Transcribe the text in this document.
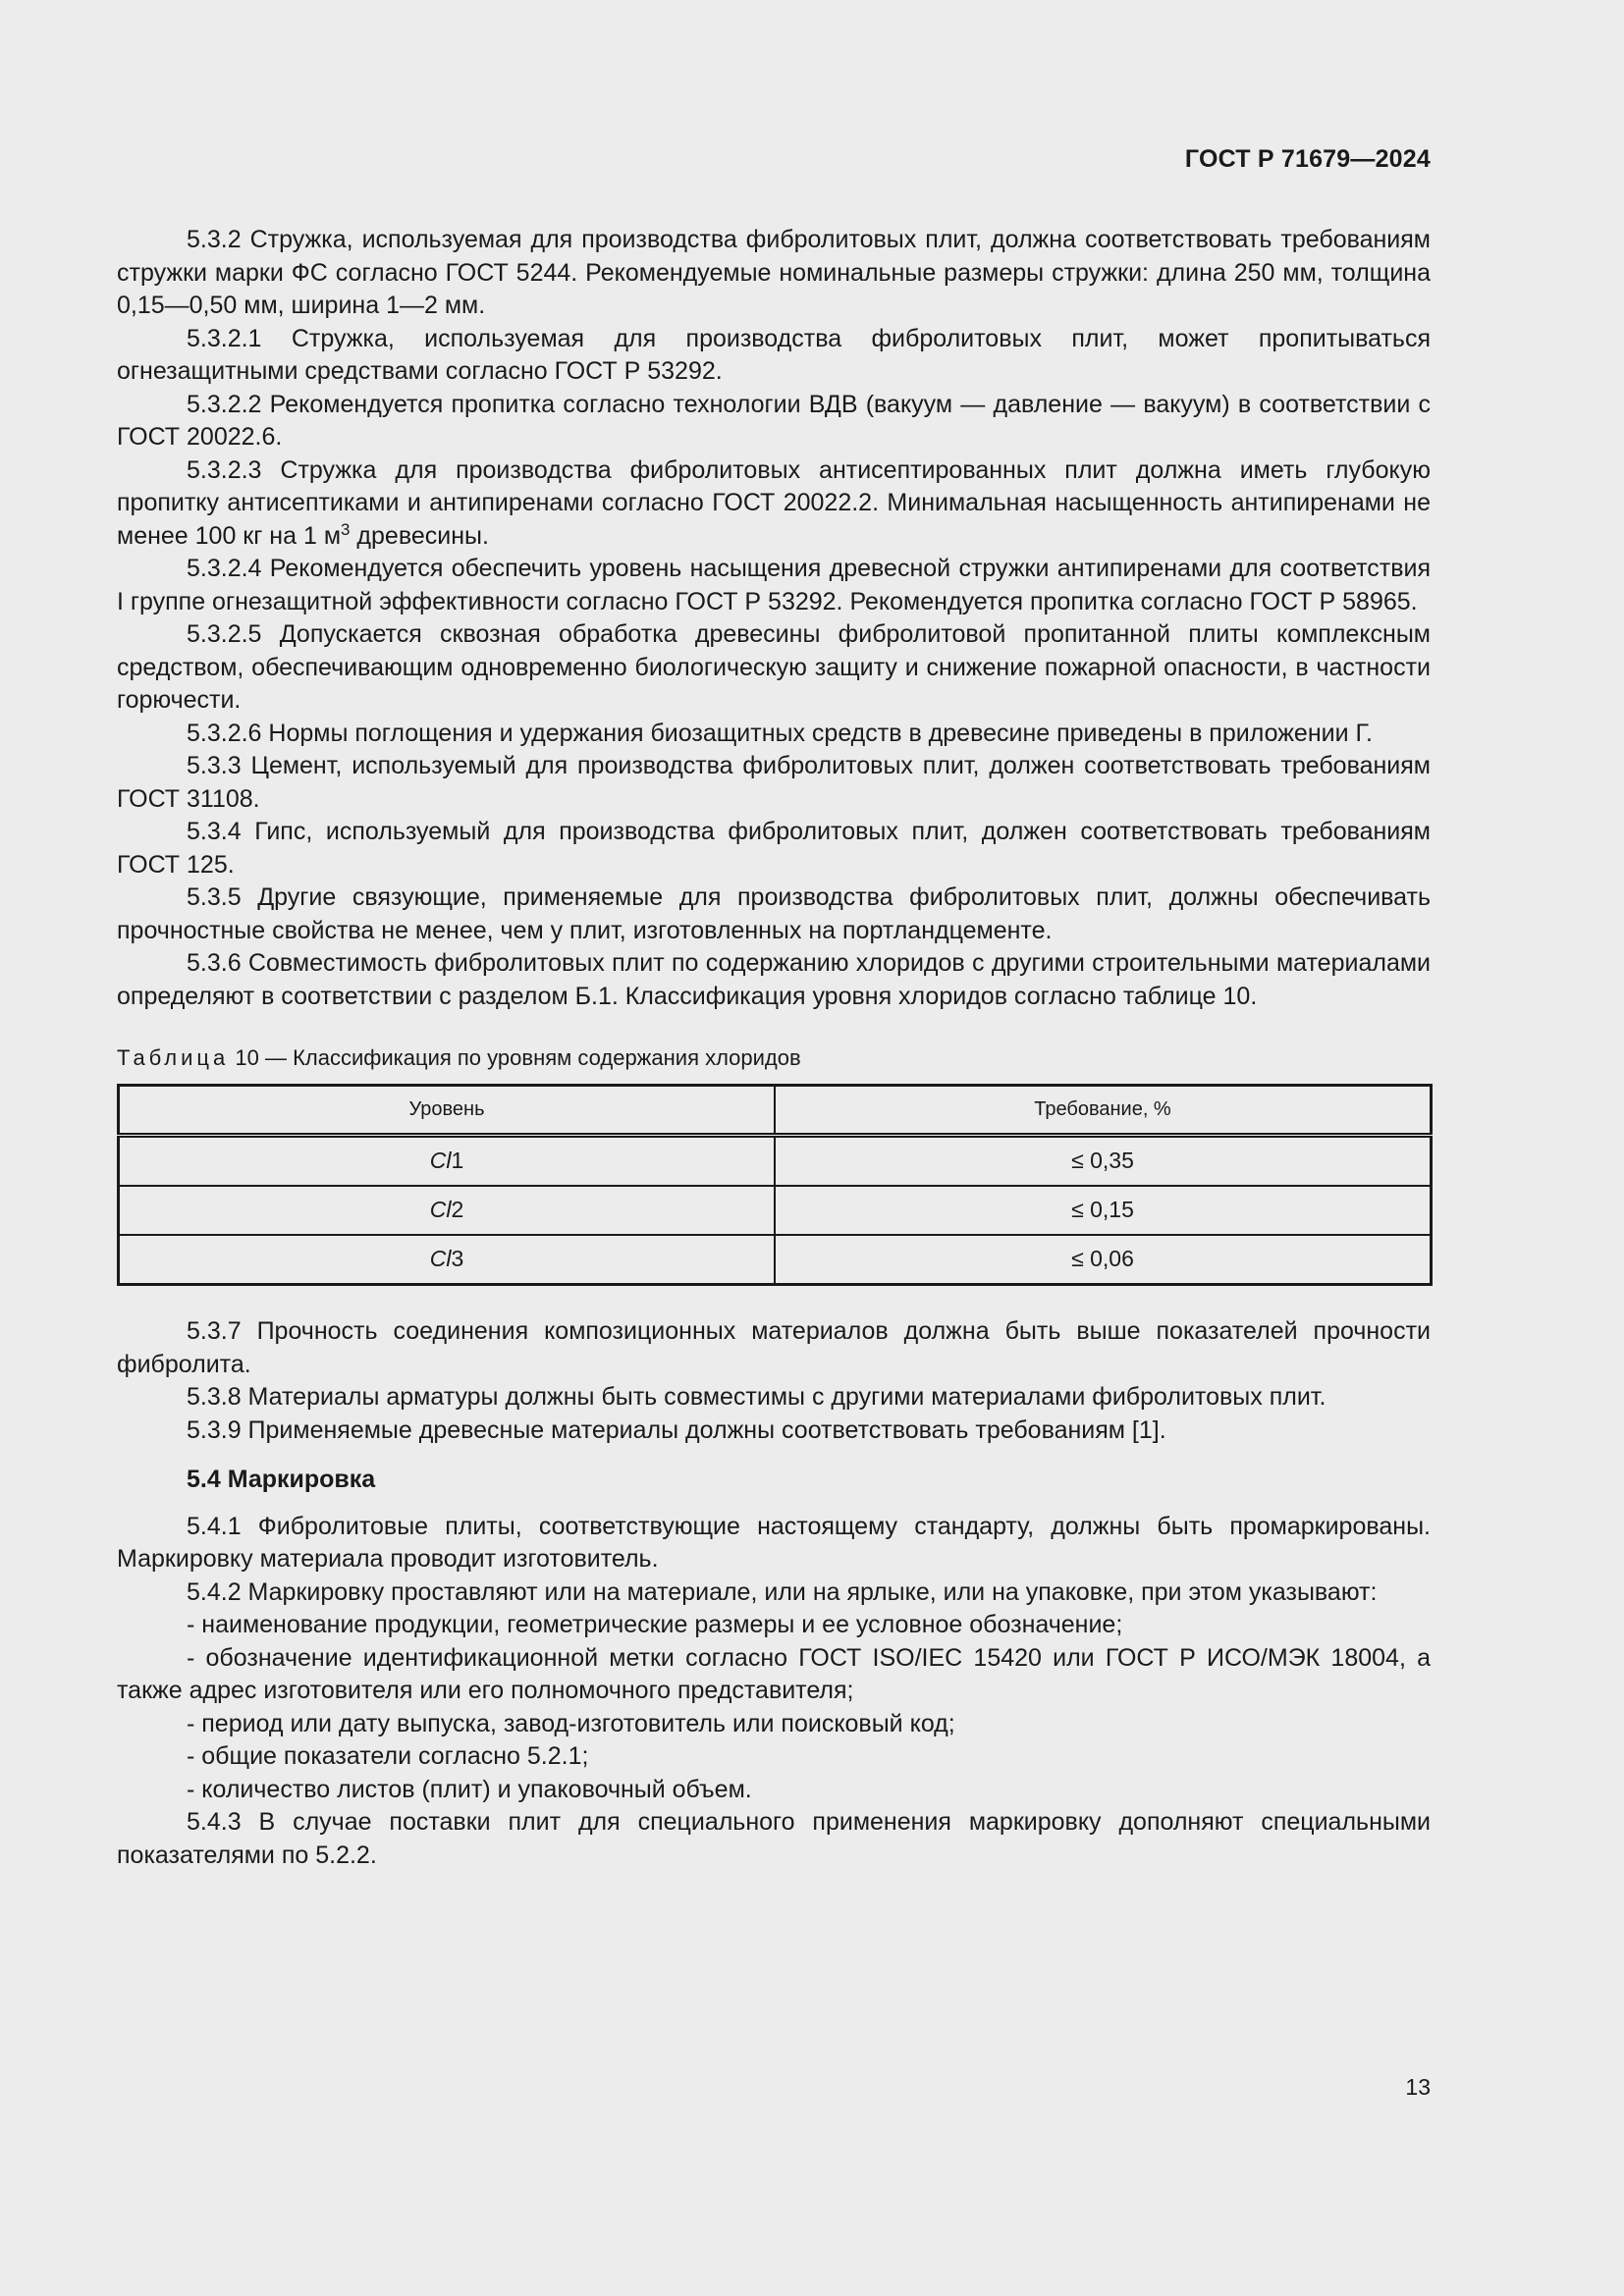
ГОСТ Р 71679—2024

5.3.2 Стружка, используемая для производства фибролитовых плит, должна соответствовать требованиям стружки марки ФС согласно ГОСТ 5244. Рекомендуемые номинальные размеры стружки: длина 250 мм, толщина 0,15—0,50 мм, ширина 1—2 мм.

5.3.2.1 Стружка, используемая для производства фибролитовых плит, может пропитываться огнезащитными средствами согласно ГОСТ Р 53292.

5.3.2.2 Рекомендуется пропитка согласно технологии ВДВ (вакуум — давление — вакуум) в соответствии с ГОСТ 20022.6.

5.3.2.3 Стружка для производства фибролитовых антисептированных плит должна иметь глубокую пропитку антисептиками и антипиренами согласно ГОСТ 20022.2. Минимальная насыщенность антипиренами не менее 100 кг на 1 $м^3$ древесины.

5.3.2.4 Рекомендуется обеспечить уровень насыщения древесной стружки антипиренами для соответствия I группе огнезащитной эффективности согласно ГОСТ Р 53292. Рекомендуется пропитка согласно ГОСТ Р 58965.

5.3.2.5 Допускается сквозная обработка древесины фибролитовой пропитанной плиты комплексным средством, обеспечивающим одновременно биологическую защиту и снижение пожарной опасности, в частности горючести.

5.3.2.6 Нормы поглощения и удержания биозащитных средств в древесине приведены в приложении Г.

5.3.3 Цемент, используемый для производства фибролитовых плит, должен соответствовать требованиям ГОСТ 31108.

5.3.4 Гипс, используемый для производства фибролитовых плит, должен соответствовать требованиям ГОСТ 125.

5.3.5 Другие связующие, применяемые для производства фибролитовых плит, должны обеспечивать прочностные свойства не менее, чем у плит, изготовленных на портландцементе.

5.3.6 Совместимость фибролитовых плит по содержанию хлоридов с другими строительными материалами определяют в соответствии с разделом Б.1. Классификация уровня хлоридов согласно таблице 10.

Таблица 10 — Классификация по уровням содержания хлоридов
Уровень	Требование, %
Cl1	≤ 0,35
Cl2	≤ 0,15
Cl3	≤ 0,06

5.3.7 Прочность соединения композиционных материалов должна быть выше показателей прочности фибролита.

5.3.8 Материалы арматуры должны быть совместимы с другими материалами фибролитовых плит.

5.3.9 Применяемые древесные материалы должны соответствовать требованиям [1].

5.4 Маркировка

5.4.1 Фибролитовые плиты, соответствующие настоящему стандарту, должны быть промаркированы. Маркировку материала проводит изготовитель.

5.4.2 Маркировку проставляют или на материале, или на ярлыке, или на упаковке, при этом указывают:

- наименование продукции, геометрические размеры и ее условное обозначение;

- обозначение идентификационной метки согласно ГОСТ ISO/IEC 15420 или ГОСТ Р ИСО/МЭК 18004, а также адрес изготовителя или его полномочного представителя;

- период или дату выпуска, завод-изготовитель или поисковый код;

- общие показатели согласно 5.2.1;

- количество листов (плит) и упаковочный объем.

5.4.3 В случае поставки плит для специального применения маркировку дополняют специальными показателями по 5.2.2.

13
